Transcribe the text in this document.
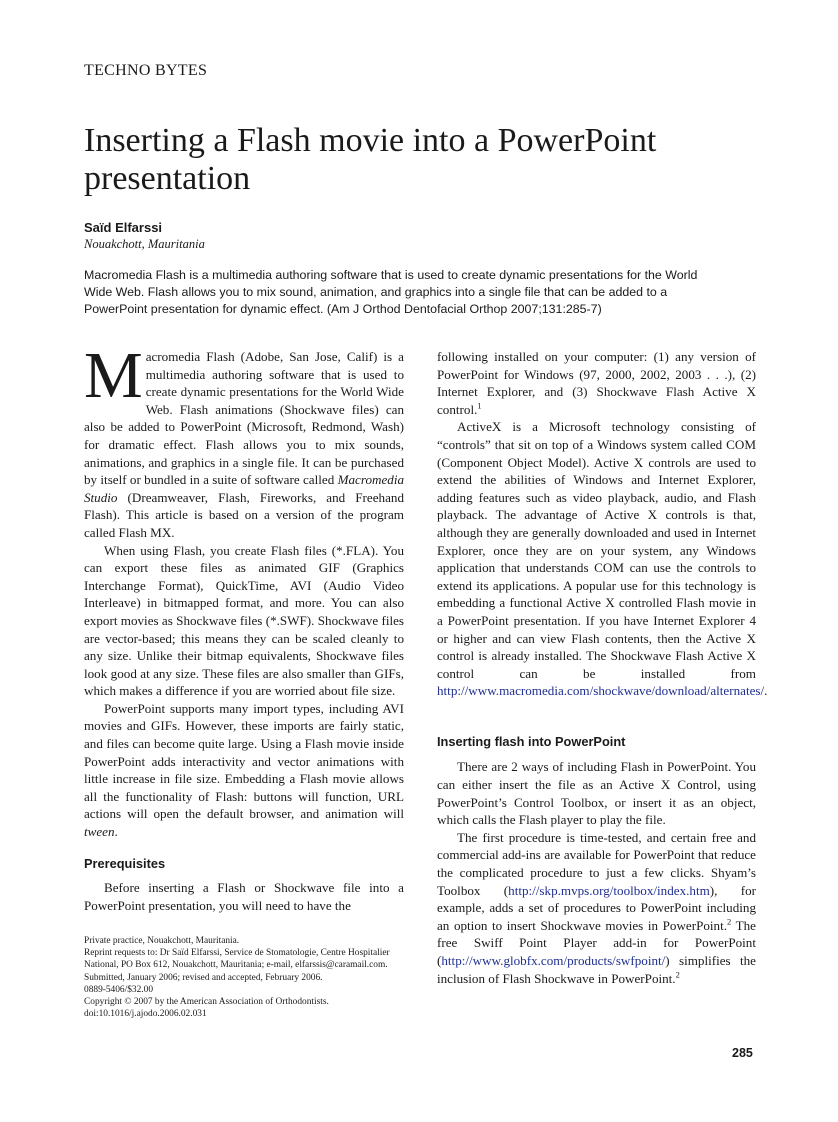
TECHNO BYTES
Inserting a Flash movie into a PowerPoint presentation
Saïd Elfarssi
Nouakchott, Mauritania

Macromedia Flash is a multimedia authoring software that is used to create dynamic presentations for the World Wide Web. Flash allows you to mix sound, animation, and graphics into a single file that can be added to a PowerPoint presentation for dynamic effect. (Am J Orthod Dentofacial Orthop 2007;131:285-7)

Macromedia Flash (Adobe, San Jose, Calif) is a multimedia authoring software that is used to create dynamic presentations for the World Wide Web. Flash animations (Shockwave files) can also be added to PowerPoint (Microsoft, Redmond, Wash) for dramatic effect. Flash allows you to mix sounds, animations, and graphics in a single file. It can be purchased by itself or bundled in a suite of software called Macromedia Studio (Dreamweaver, Flash, Fireworks, and Freehand Flash). This article is based on a version of the program called Flash MX.

When using Flash, you create Flash files (*.FLA). You can export these files as animated GIF (Graphics Interchange Format), QuickTime, AVI (Audio Video Interleave) in bitmapped format, and more. You can also export movies as Shockwave files (*.SWF). Shockwave files are vector-based; this means they can be scaled cleanly to any size. Unlike their bitmap equivalents, Shockwave files look good at any size. These files are also smaller than GIFs, which makes a difference if you are worried about file size.

PowerPoint supports many import types, including AVI movies and GIFs. However, these imports are fairly static, and files can become quite large. Using a Flash movie inside PowerPoint adds interactivity and vector animations with little increase in file size. Embedding a Flash movie allows all the functionality of Flash: buttons will function, URL actions will open the default browser, and animation will tween.

Prerequisites

Before inserting a Flash or Shockwave file into a PowerPoint presentation, you will need to have the

following installed on your computer: (1) any version of PowerPoint for Windows (97, 2000, 2002, 2003 . . .), (2) Internet Explorer, and (3) Shockwave Flash Active X control.$^1$

ActiveX is a Microsoft technology consisting of “controls” that sit on top of a Windows system called COM (Component Object Model). Active X controls are used to extend the abilities of Windows and Internet Explorer, adding features such as video playback, audio, and Flash playback. The advantage of Active X controls is that, although they are generally downloaded and used in Internet Explorer, once they are on your system, any Windows application that understands COM can use the controls to extend its applications. A popular use for this technology is embedding a functional Active X controlled Flash movie in a PowerPoint presentation. If you have Internet Explorer 4 or higher and can view Flash contents, then the Active X control is already installed. The Shockwave Flash Active X control can be installed from http://www.macromedia.com/shockwave/download/alternates/.

Inserting flash into PowerPoint

There are 2 ways of including Flash in PowerPoint. You can either insert the file as an Active X Control, using PowerPoint’s Control Toolbox, or insert it as an object, which calls the Flash player to play the file.

The first procedure is time-tested, and certain free and commercial add-ins are available for PowerPoint that reduce the complicated procedure to just a few clicks. Shyam’s Toolbox (http://skp.mvps.org/toolbox/index.htm), for example, adds a set of procedures to PowerPoint including an option to insert Shockwave movies in PowerPoint.$^2$ The free Swiff Point Player add-in for PowerPoint (http://www.globfx.com/products/swfpoint/) simplifies the inclusion of Flash Shockwave in PowerPoint.$^2$

Private practice, Nouakchott, Mauritania.

Reprint requests to: Dr Saïd Elfarssi, Service de Stomatologie, Centre Hospitalier National, PO Box 612, Nouakchott, Mauritania; e-mail, elfarssis@caramail.com.

Submitted, January 2006; revised and accepted, February 2006.

0889-5406/$32.00

Copyright © 2007 by the American Association of Orthodontists.

doi:10.1016/j.ajodo.2006.02.031

285
